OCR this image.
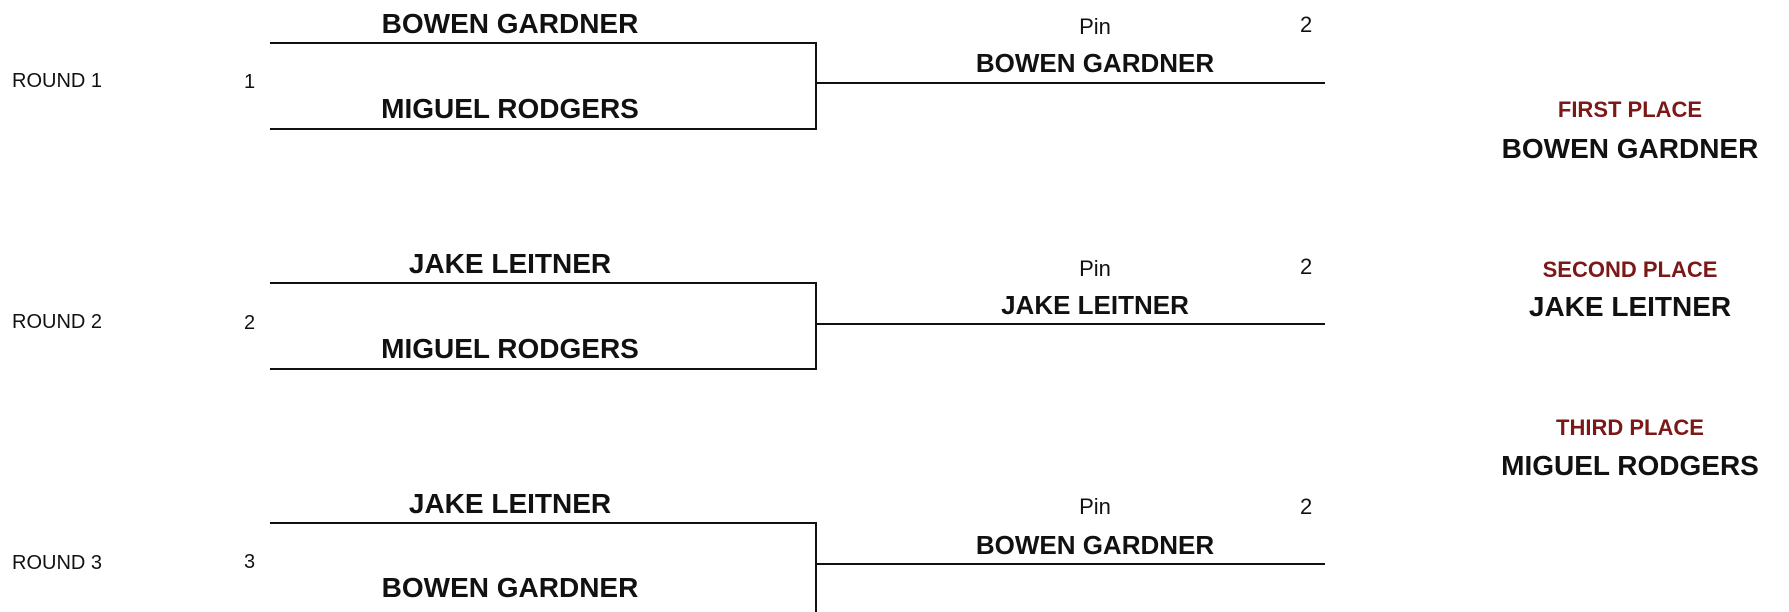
ROUND 1	1
BOWEN GARDNER
MIGUEL RODGERS
Pin	2
BOWEN GARDNER
ROUND 2	2
JAKE LEITNER
MIGUEL RODGERS
Pin	2
JAKE LEITNER
ROUND 3	3
JAKE LEITNER
BOWEN GARDNER
Pin	2
BOWEN GARDNER
FIRST PLACE
BOWEN GARDNER
SECOND PLACE
JAKE LEITNER
THIRD PLACE
MIGUEL RODGERS
